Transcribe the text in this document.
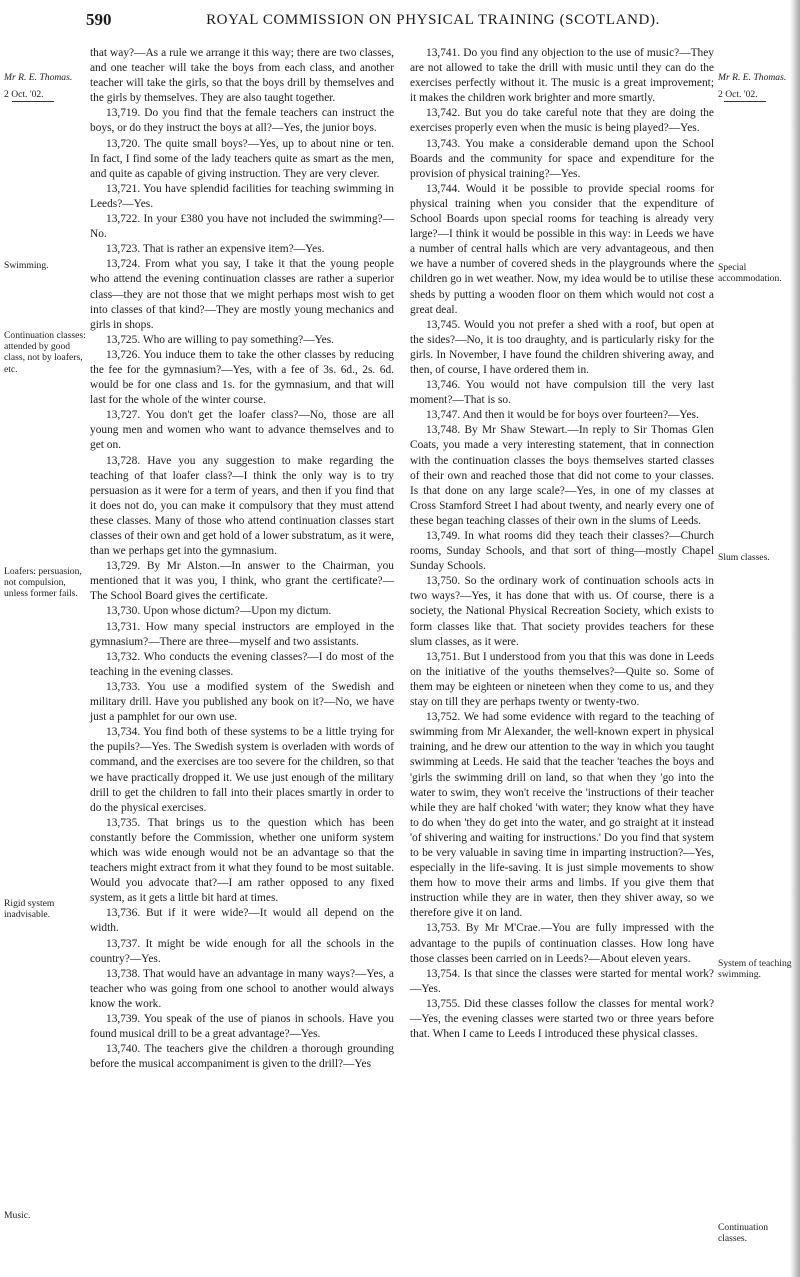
590	ROYAL COMMISSION ON PHYSICAL TRAINING (SCOTLAND).
Mr R. E. Thomas.
2 Oct. '02.
Swimming.
Continuation classes: attended by good class, not by loafers, etc.
Loafers: persuasion, not compulsion, unless former fails.
Rigid system inadvisable.
Music.
Mr R. E. Thomas.
2 Oct. '02.
Special accommodation.
Slum classes.
System of teaching swimming.
Continuation classes.

that way?—As a rule we arrange it this way; there are two classes, and one teacher will take the boys from each class, and another teacher will take the girls, so that the boys drill by themselves and the girls by themselves. They are also taught together.

13,719. Do you find that the female teachers can instruct the boys, or do they instruct the boys at all?—Yes, the junior boys.

13,720. The quite small boys?—Yes, up to about nine or ten. In fact, I find some of the lady teachers quite as smart as the men, and quite as capable of giving instruction. They are very clever.

13,721. You have splendid facilities for teaching swimming in Leeds?—Yes.

13,722. In your £380 you have not included the swimming?—No.

13,723. That is rather an expensive item?—Yes.

13,724. From what you say, I take it that the young people who attend the evening continuation classes are rather a superior class—they are not those that we might perhaps most wish to get into classes of that kind?—They are mostly young mechanics and girls in shops.

13,725. Who are willing to pay something?—Yes.

13,726. You induce them to take the other classes by reducing the fee for the gymnasium?—Yes, with a fee of 3s. 6d., 2s. 6d. would be for one class and 1s. for the gymnasium, and that will last for the whole of the winter course.

13,727. You don't get the loafer class?—No, those are all young men and women who want to advance themselves and to get on.

13,728. Have you any suggestion to make regarding the teaching of that loafer class?—I think the only way is to try persuasion as it were for a term of years, and then if you find that it does not do, you can make it compulsory that they must attend these classes. Many of those who attend continuation classes start classes of their own and get hold of a lower substratum, as it were, than we perhaps get into the gymnasium.

13,729. By Mr Alston.—In answer to the Chairman, you mentioned that it was you, I think, who grant the certificate?—The School Board gives the certificate.

13,730. Upon whose dictum?—Upon my dictum.

13,731. How many special instructors are employed in the gymnasium?—There are three—myself and two assistants.

13,732. Who conducts the evening classes?—I do most of the teaching in the evening classes.

13,733. You use a modified system of the Swedish and military drill. Have you published any book on it?—No, we have just a pamphlet for our own use.

13,734. You find both of these systems to be a little trying for the pupils?—Yes. The Swedish system is overladen with words of command, and the exercises are too severe for the children, so that we have practically dropped it. We use just enough of the military drill to get the children to fall into their places smartly in order to do the physical exercises.

13,735. That brings us to the question which has been constantly before the Commission, whether one uniform system which was wide enough would not be an advantage so that the teachers might extract from it what they found to be most suitable. Would you advocate that?—I am rather opposed to any fixed system, as it gets a little bit hard at times.

13,736. But if it were wide?—It would all depend on the width.

13,737. It might be wide enough for all the schools in the country?—Yes.

13,738. That would have an advantage in many ways?—Yes, a teacher who was going from one school to another would always know the work.

13,739. You speak of the use of pianos in schools. Have you found musical drill to be a great advantage?—Yes.

13,740. The teachers give the children a thorough grounding before the musical accompaniment is given to the drill?—Yes

13,741. Do you find any objection to the use of music?—They are not allowed to take the drill with music until they can do the exercises perfectly without it. The music is a great improvement; it makes the children work brighter and more smartly.

13,742. But you do take careful note that they are doing the exercises properly even when the music is being played?—Yes.

13,743. You make a considerable demand upon the School Boards and the community for space and expenditure for the provision of physical training?—Yes.

13,744. Would it be possible to provide special rooms for physical training when you consider that the expenditure of School Boards upon special rooms for teaching is already very large?—I think it would be possible in this way: in Leeds we have a number of central halls which are very advantageous, and then we have a number of covered sheds in the playgrounds where the children go in wet weather. Now, my idea would be to utilise these sheds by putting a wooden floor on them which would not cost a great deal.

13,745. Would you not prefer a shed with a roof, but open at the sides?—No, it is too draughty, and is particularly risky for the girls. In November, I have found the children shivering away, and then, of course, I have ordered them in.

13,746. You would not have compulsion till the very last moment?—That is so.

13,747. And then it would be for boys over fourteen?—Yes.

13,748. By Mr Shaw Stewart.—In reply to Sir Thomas Glen Coats, you made a very interesting statement, that in connection with the continuation classes the boys themselves started classes of their own and reached those that did not come to your classes. Is that done on any large scale?—Yes, in one of my classes at Cross Stamford Street I had about twenty, and nearly every one of these began teaching classes of their own in the slums of Leeds.

13,749. In what rooms did they teach their classes?—Church rooms, Sunday Schools, and that sort of thing—mostly Chapel Sunday Schools.

13,750. So the ordinary work of continuation schools acts in two ways?—Yes, it has done that with us. Of course, there is a society, the National Physical Recreation Society, which exists to form classes like that. That society provides teachers for these slum classes, as it were.

13,751. But I understood from you that this was done in Leeds on the initiative of the youths themselves?—Quite so. Some of them may be eighteen or nineteen when they come to us, and they stay on till they are perhaps twenty or twenty-two.

13,752. We had some evidence with regard to the teaching of swimming from Mr Alexander, the well-known expert in physical training, and he drew our attention to the way in which you taught swimming at Leeds. He said that the teacher 'teaches the boys and 'girls the swimming drill on land, so that when they 'go into the water to swim, they won't receive the 'instructions of their teacher while they are half choked 'with water; they know what they have to do when 'they do get into the water, and go straight at it instead 'of shivering and waiting for instructions.' Do you find that system to be very valuable in saving time in imparting instruction?—Yes, especially in the life-saving. It is just simple movements to show them how to move their arms and limbs. If you give them that instruction while they are in water, then they shiver away, so we therefore give it on land.

13,753. By Mr M'Crae.—You are fully impressed with the advantage to the pupils of continuation classes. How long have those classes been carried on in Leeds?—About eleven years.

13,754. Is that since the classes were started for mental work?—Yes.

13,755. Did these classes follow the classes for mental work?—Yes, the evening classes were started two or three years before that. When I came to Leeds I introduced these physical classes.
